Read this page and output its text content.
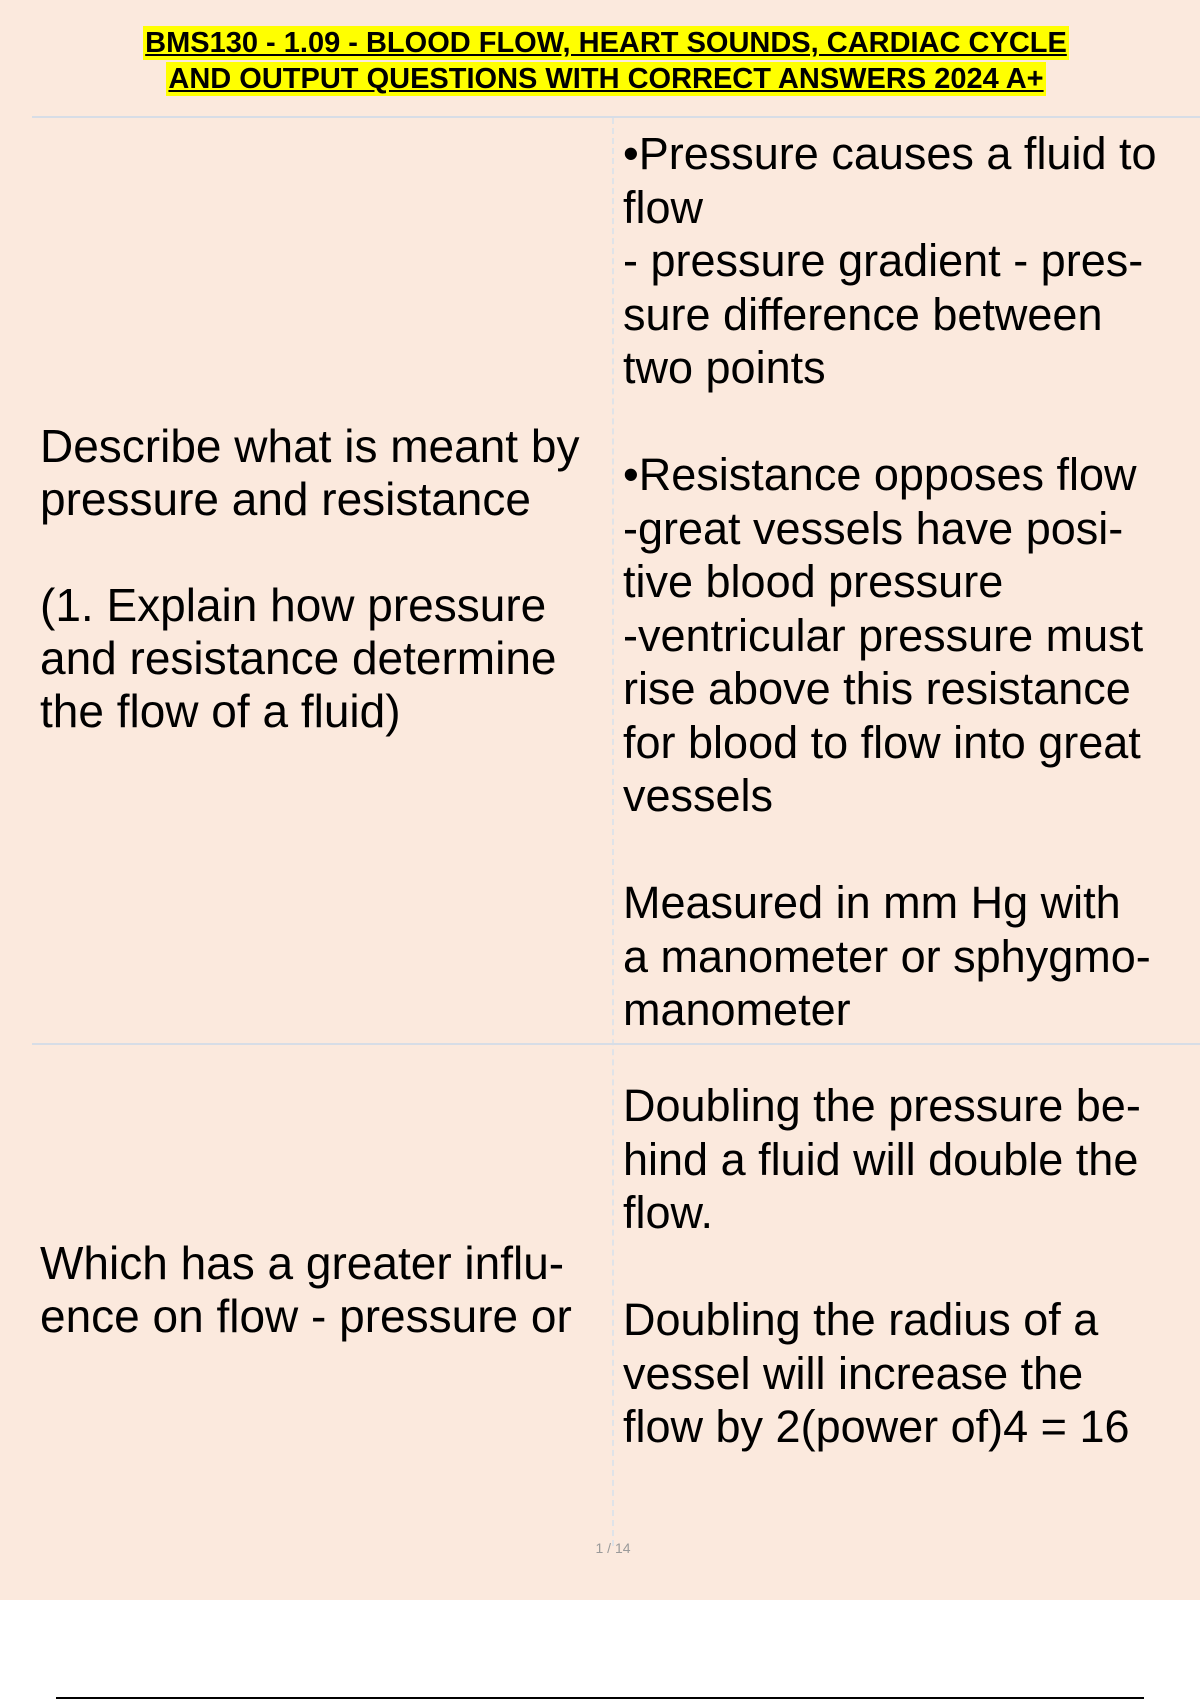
BMS130 - 1.09 - BLOOD FLOW, HEART SOUNDS, CARDIAC CYCLE
AND OUTPUT QUESTIONS WITH CORRECT ANSWERS 2024 A+
Describe what is meant by
pressure and resistance

(1. Explain how pressure
and resistance determine
the flow of a fluid)
•Pressure causes a fluid to
flow
- pressure gradient - pres-
sure difference between
two points

•Resistance opposes flow
-great vessels have posi-
tive blood pressure
-ventricular pressure must
rise above this resistance
for blood to flow into great
vessels

Measured in mm Hg with
a manometer or sphygmo-
manometer
Which has a greater influ-
ence on flow - pressure or
Doubling the pressure be-
hind a fluid will double the
flow.

Doubling the radius of a
vessel will increase the
flow by 2(power of)4 = 16
1 / 14
